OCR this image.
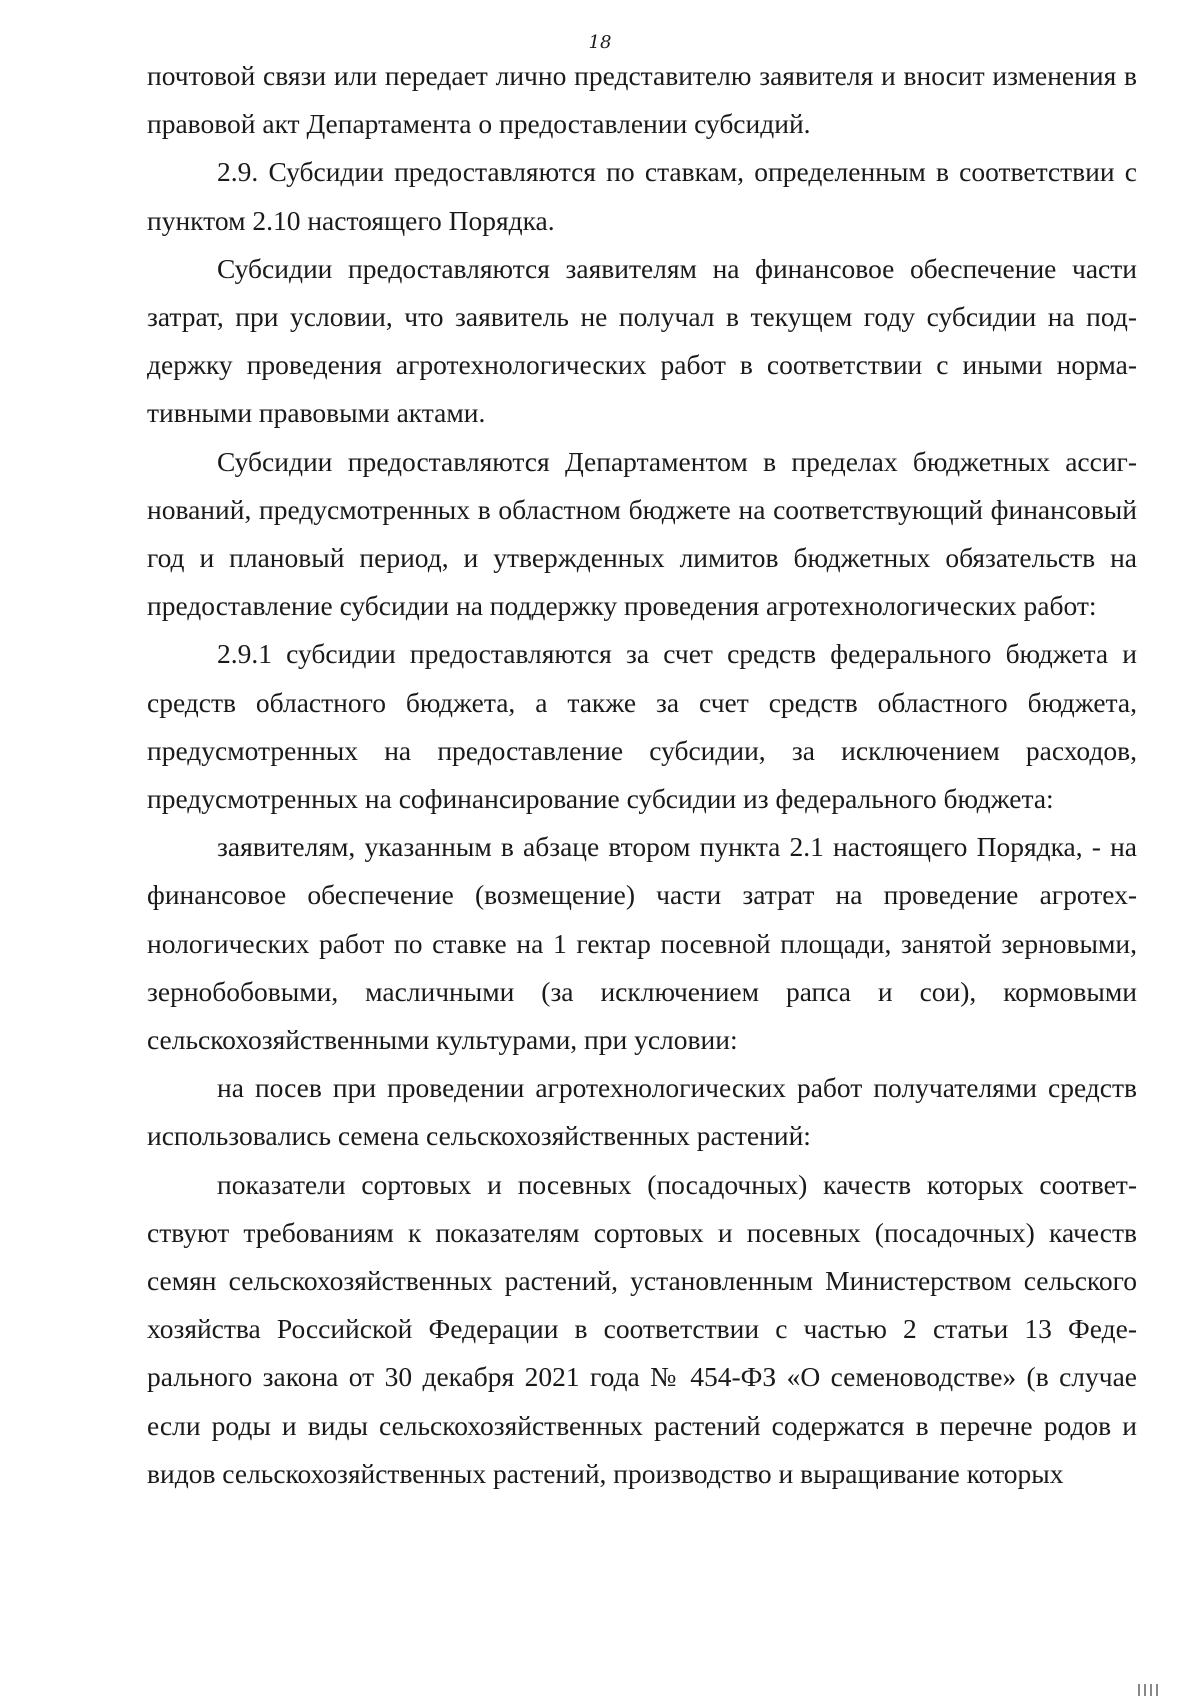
18

почтовой связи или передает лично представителю заявителя и вносит изменения в правовой акт Департамента о предоставлении субсидий.

2.9. Субсидии предоставляются по ставкам, определенным в соответствии с пунктом 2.10 настоящего Порядка.

Субсидии предоставляются заявителям на финансовое обеспечение части затрат, при условии, что заявитель не получал в текущем году субсидии на поддержку проведения агротехнологических работ в соответствии с иными нормативными правовыми актами.

Субсидии предоставляются Департаментом в пределах бюджетных ассигнований, предусмотренных в областном бюджете на соответствующий финансовый год и плановый период, и утвержденных лимитов бюджетных обязательств на предоставление субсидии на поддержку проведения агротехнологических работ:

2.9.1 субсидии предоставляются за счет средств федерального бюджета и средств областного бюджета, а также за счет средств областного бюджета, предусмотренных на предоставление субсидии, за исключением расходов, предусмотренных на софинансирование субсидии из федерального бюджета:

заявителям, указанным в абзаце втором пункта 2.1 настоящего Порядка, - на финансовое обеспечение (возмещение) части затрат на проведение агротехнологических работ по ставке на 1 гектар посевной площади, занятой зерновыми, зернобобовыми, масличными (за исключением рапса и сои), кормовыми сельскохозяйственными культурами, при условии:

на посев при проведении агротехнологических работ получателями средств использовались семена сельскохозяйственных растений:

показатели сортовых и посевных (посадочных) качеств которых соответствуют требованиям к показателям сортовых и посевных (посадочных) качеств семян сельскохозяйственных растений, установленным Министерством сельского хозяйства Российской Федерации в соответствии с частью 2 статьи 13 Федерального закона от 30 декабря 2021 года № 454-ФЗ «О семеноводстве» (в случае если роды и виды сельскохозяйственных растений содержатся в перечне родов и видов сельскохозяйственных растений, производство и выращивание которых
